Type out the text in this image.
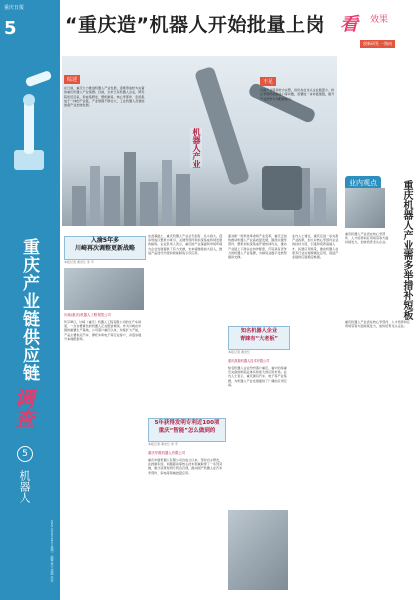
重庆日报
5
重庆产业链供应链
调查
5
机器人
2021年10月18日 星期一 编辑 周大 美编 李安
“重庆造”机器人开始批量上岗 看 效果
创新研发 一路向
机器人产业
综述
在日前，重庆大力推进机器人产业发展，逐渐形成较为完备的重庆机器人产业集群。目前，全市已有机器人企业，研究院所近百家，形成集研发、整机制造、核心零部件、系统集成于一体的产业链，产业规模不断壮大，工业机器人及智能装备产业加快发展。
不足
目前产业链条较为完整，但仍存在龙头企业数量少、核心零部件依赖进口等问题，需要进一步补链强链，提升产业竞争力与配套能力。
业内观点	重庆机器人产业需多举措补短板
重庆机器人产业需在核心零部件、人才培养和应用场景等方面持续发力，加快培育龙头企业。
入渝5年多
川崎再次调整更新战略
本报记者 黄光红 李 平
川崎(重庆)机器人工程有限公司
5月18日，川崎（重庆）机器人工程有限公司的生产车间里，一台台橙黄色的机器人正在组装调试。作为川崎在中国的重要生产基地，公司落户重庆以来，持续扩大产能，产品主要供应汽车、摩托车和电子等行业客户，并逐步提升本地配套率。
在此基础上，重庆机器人产业从无到有、从小到大，逐步形成以整机为牵引，关键零部件和系统集成协同发展的格局。企业负责人表示，重庆的产业基础和市场环境为企业发展提供了有力支撑，未来将继续加大投入，推进产品迭代升级和智能制造示范应用。
5年获得发明专利近100项
重庆“智能”怎么做到的
本报记者 黄光红 李 平
重庆华数机器人有限公司
重庆华数机器人有限公司自成立以来，坚持自主研发，在控制系统、伺服驱动等核心技术领域取得了一系列突破，累计获得发明专利近百项，推动国产机器人在汽车零部件、家电等领域批量应用。
面对新一轮科技革命和产业变革，重庆正加快推动机器人产业高质量发展，围绕关键零部件、整机和系统集成开展协同攻关，推动产业链上下游企业协作配套，打造具有竞争力的机器人产业集群，为制造业数字化转型提供支撑。
知名机器人企业
青睐有“大老板”
本报记者 黄光红
重庆凯瑞机器人技术有限公司
知名机器人企业纷纷落户重庆，看中的是重庆完备的制造业体系和庞大的应用市场。业内人士表示，重庆拥有汽车、电子等产业集群，为机器人产业发展提供了广阔的应用空间。
业内人士建议，重庆应进一步完善产业政策，加大对核心零部件企业的扶持力度，引进和培养高端人才，拓展应用场景，推动机器人在更多行业实现规模化应用，促进产业链供应链稳定畅通。
重庆机器人产业需在核心零部件、人才培养和应用场景等方面持续发力，加快培育龙头企业。
